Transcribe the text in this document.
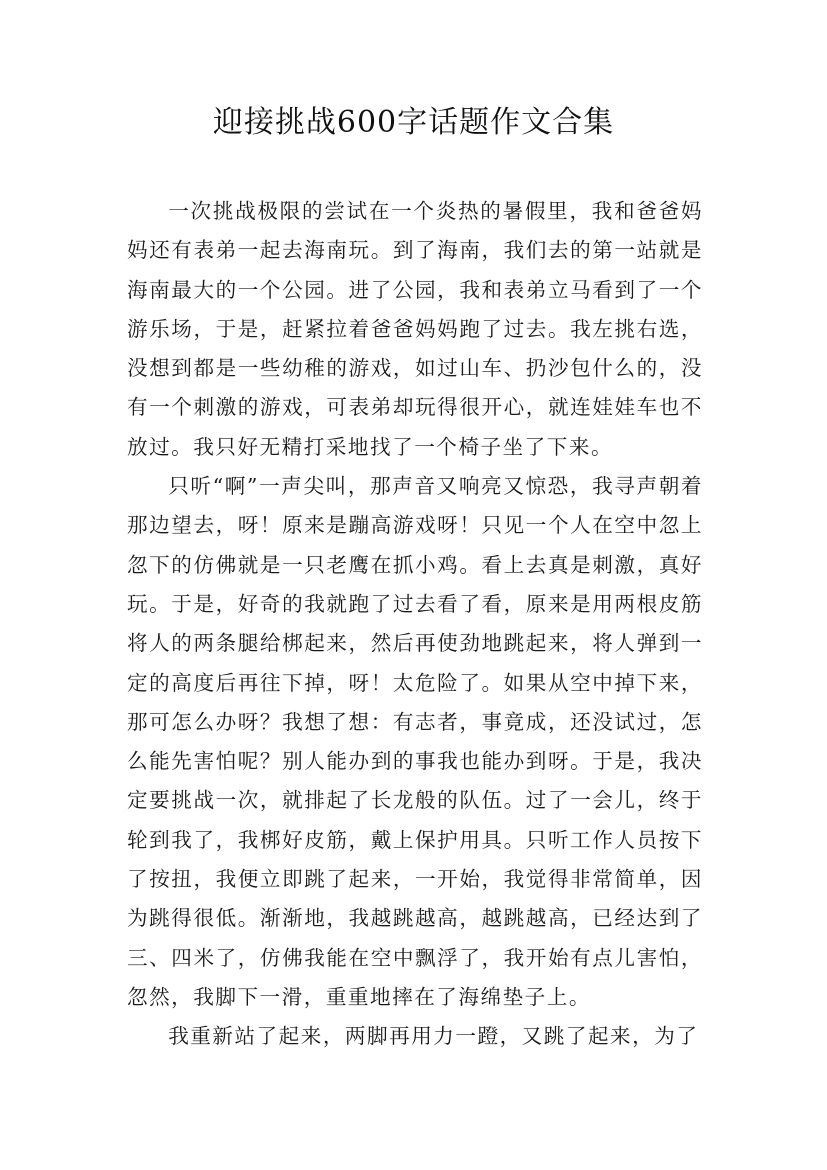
迎接挑战600字话题作文合集

一次挑战极限的尝试在一个炎热的暑假里，我和爸爸妈妈还有表弟一起去海南玩。到了海南，我们去的第一站就是海南最大的一个公园。进了公园，我和表弟立马看到了一个游乐场，于是，赶紧拉着爸爸妈妈跑了过去。我左挑右选，没想到都是一些幼稚的游戏，如过山车、扔沙包什么的，没有一个刺激的游戏，可表弟却玩得很开心，就连娃娃车也不放过。我只好无精打采地找了一个椅子坐了下来。

只听“啊”一声尖叫，那声音又响亮又惊恐，我寻声朝着那边望去，呀！原来是蹦高游戏呀！只见一个人在空中忽上忽下的仿佛就是一只老鹰在抓小鸡。看上去真是刺激，真好玩。于是，好奇的我就跑了过去看了看，原来是用两根皮筋将人的两条腿给梆起来，然后再使劲地跳起来，将人弹到一定的高度后再往下掉，呀！太危险了。如果从空中掉下来，那可怎么办呀？我想了想：有志者，事竟成，还没试过，怎么能先害怕呢？别人能办到的事我也能办到呀。于是，我决定要挑战一次，就排起了长龙般的队伍。过了一会儿，终于轮到我了，我梆好皮筋，戴上保护用具。只听工作人员按下了按扭，我便立即跳了起来，一开始，我觉得非常简单，因为跳得很低。渐渐地，我越跳越高，越跳越高，已经达到了三、四米了，仿佛我能在空中飘浮了，我开始有点儿害怕，忽然，我脚下一滑，重重地摔在了海绵垫子上。

我重新站了起来，两脚再用力一蹬，又跳了起来，为了
